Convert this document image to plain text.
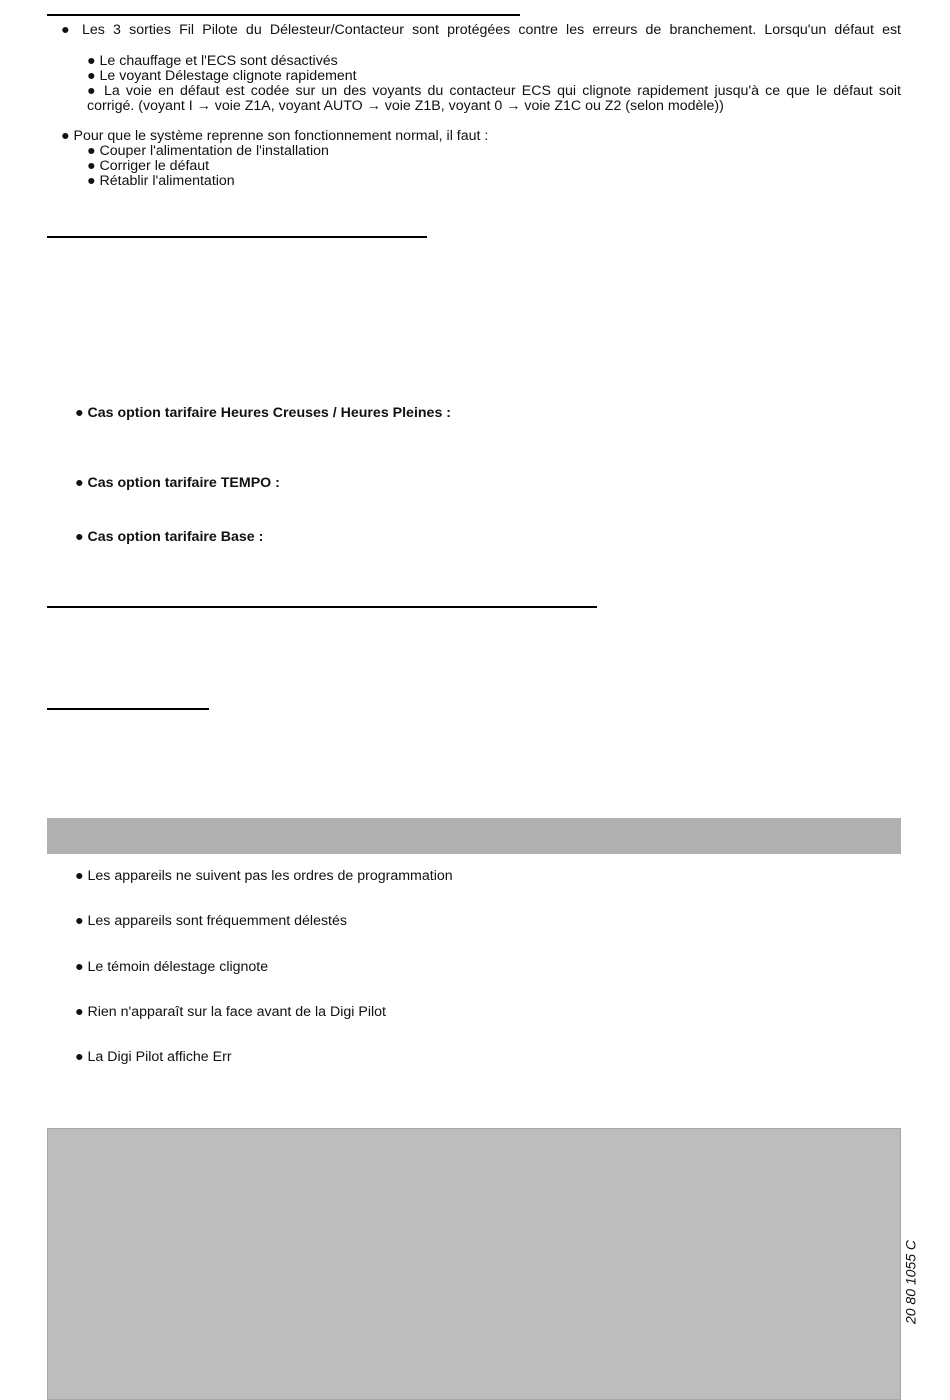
● Les 3 sorties Fil Pilote du Délesteur/Contacteur sont protégées contre les erreurs de branchement. Lorsqu'un défaut est
● Le chauffage et l'ECS sont désactivés
● Le voyant Délestage clignote rapidement
● La voie en défaut est codée sur un des voyants du contacteur ECS qui clignote rapidement jusqu'à ce que le défaut soit
corrigé. (voyant I → voie Z1A, voyant AUTO → voie Z1B, voyant 0 → voie Z1C ou Z2 (selon modèle))
● Pour que le système reprenne son fonctionnement normal, il faut :
● Couper l'alimentation de l'installation
● Corriger le défaut
● Rétablir l'alimentation
● Cas option tarifaire Heures Creuses / Heures Pleines :
● Cas option tarifaire TEMPO :
● Cas option tarifaire Base :
● Les appareils ne suivent pas les ordres de programmation
● Les appareils sont fréquemment délestés
● Le témoin délestage clignote
● Rien n'apparaît sur la face avant de la Digi Pilot
● La Digi Pilot affiche Err
20 80 1055 C
